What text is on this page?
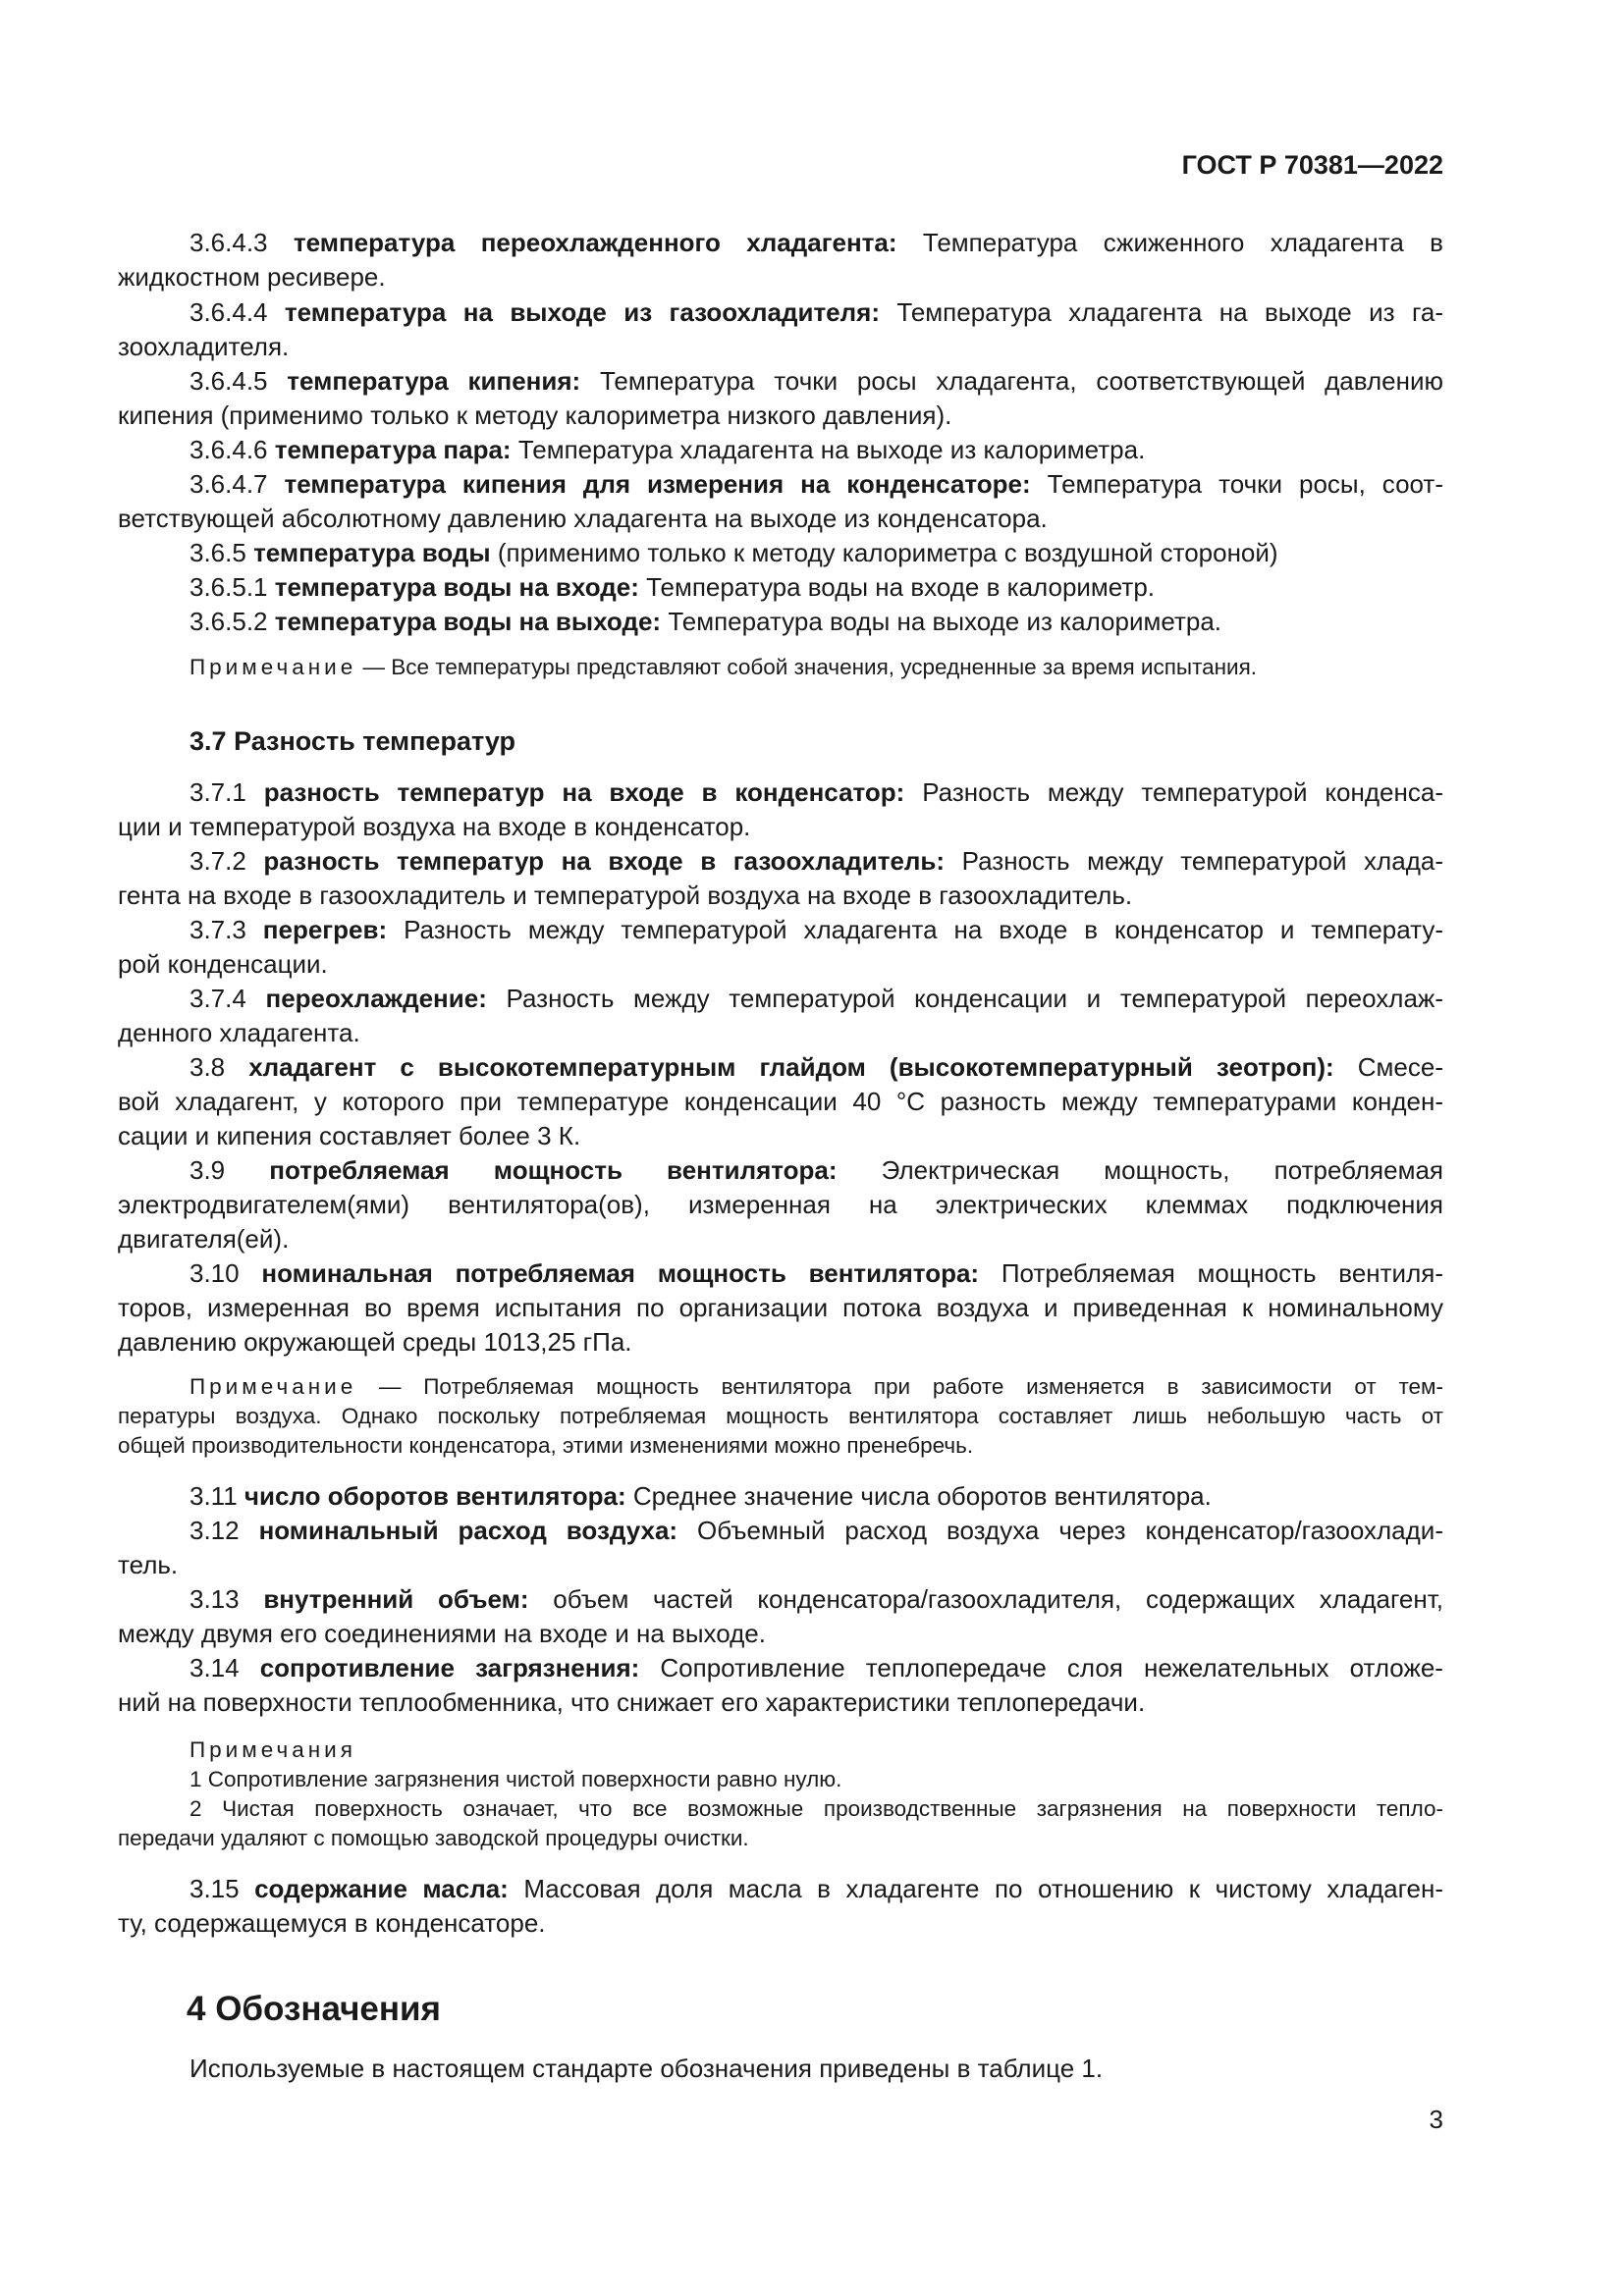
ГОСТ Р 70381—2022
3.6.4.3 температура переохлажденного хладагента: Температура сжиженного хладагента в
жидкостном ресивере.
3.6.4.4 температура на выходе из газоохладителя: Температура хладагента на выходе из га-
зоохладителя.
3.6.4.5 температура кипения: Температура точки росы хладагента, соответствующей давлению
кипения (применимо только к методу калориметра низкого давления).
3.6.4.6 температура пара: Температура хладагента на выходе из калориметра.
3.6.4.7 температура кипения для измерения на конденсаторе: Температура точки росы, соот-
ветствующей абсолютному давлению хладагента на выходе из конденсатора.
3.6.5 температура воды (применимо только к методу калориметра с воздушной стороной)
3.6.5.1 температура воды на входе: Температура воды на входе в калориметр.
3.6.5.2 температура воды на выходе: Температура воды на выходе из калориметра.
Примечание — Все температуры представляют собой значения, усредненные за время испытания.
3.7 Разность температур
3.7.1 разность температур на входе в конденсатор: Разность между температурой конденса-
ции и температурой воздуха на входе в конденсатор.
3.7.2 разность температур на входе в газоохладитель: Разность между температурой хлада-
гента на входе в газоохладитель и температурой воздуха на входе в газоохладитель.
3.7.3 перегрев: Разность между температурой хладагента на входе в конденсатор и температу-
рой конденсации.
3.7.4 переохлаждение: Разность между температурой конденсации и температурой переохлаж-
денного хладагента.
3.8 хладагент с высокотемпературным глайдом (высокотемпературный зеотроп): Смесе-
вой хладагент, у которого при температуре конденсации 40 °С разность между температурами конден-
сации и кипения составляет более 3 К.
3.9 потребляемая мощность вентилятора: Электрическая мощность, потребляемая
электродвигателем(ями) вентилятора(ов), измеренная на электрических клеммах подключения
двигателя(ей).
3.10 номинальная потребляемая мощность вентилятора: Потребляемая мощность вентиля-
торов, измеренная во время испытания по организации потока воздуха и приведенная к номинальному
давлению окружающей среды 1013,25 гПа.
Примечание — Потребляемая мощность вентилятора при работе изменяется в зависимости от тем-
пературы воздуха. Однако поскольку потребляемая мощность вентилятора составляет лишь небольшую часть от
общей производительности конденсатора, этими изменениями можно пренебречь.
3.11 число оборотов вентилятора: Среднее значение числа оборотов вентилятора.
3.12 номинальный расход воздуха: Объемный расход воздуха через конденсатор/газоохлади-
тель.
3.13 внутренний объем: объем частей конденсатора/газоохладителя, содержащих хладагент,
между двумя его соединениями на входе и на выходе.
3.14 сопротивление загрязнения: Сопротивление теплопередаче слоя нежелательных отложе-
ний на поверхности теплообменника, что снижает его характеристики теплопередачи.
Примечания
1 Сопротивление загрязнения чистой поверхности равно нулю.
2 Чистая поверхность означает, что все возможные производственные загрязнения на поверхности тепло-
передачи удаляют с помощью заводской процедуры очистки.
3.15 содержание масла: Массовая доля масла в хладагенте по отношению к чистому хладаген-
ту, содержащемуся в конденсаторе.
4 Обозначения
Используемые в настоящем стандарте обозначения приведены в таблице 1.
3
